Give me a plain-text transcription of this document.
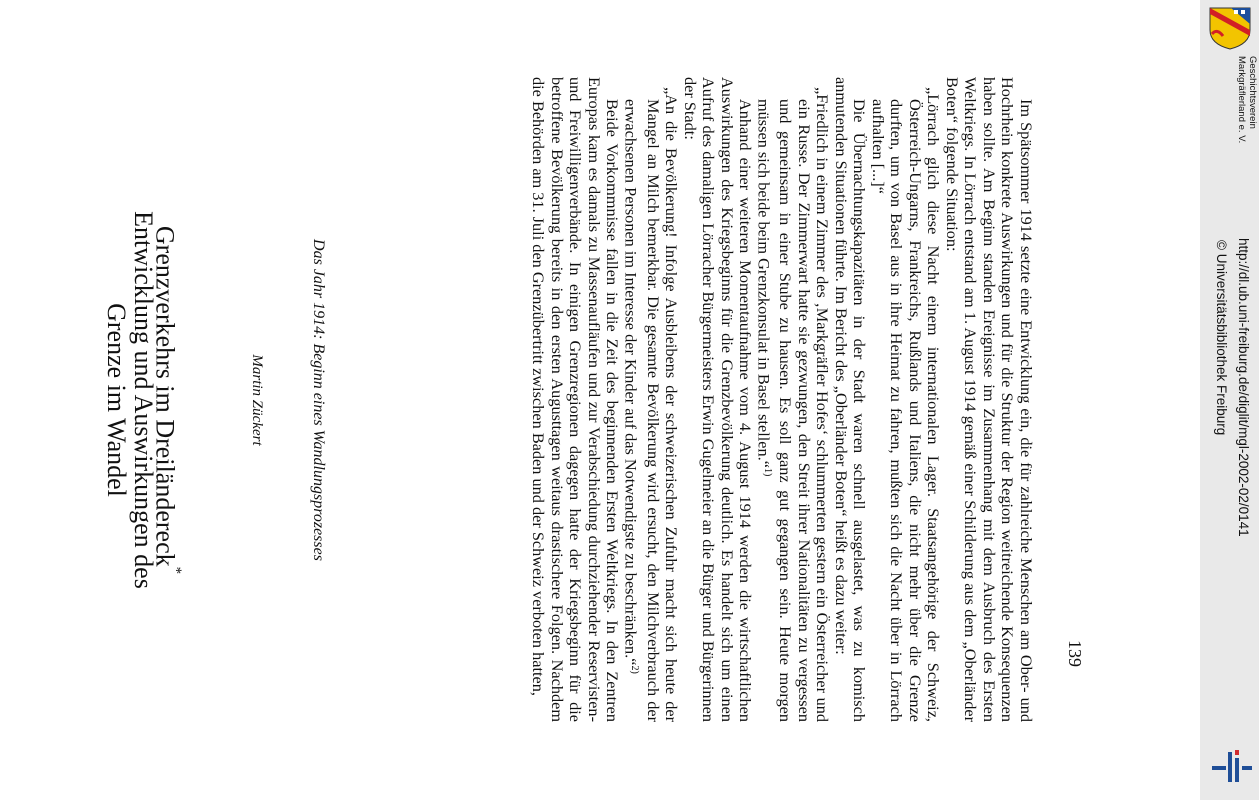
Grenze im Wandel
Entwicklung und Auswirkungen des
Grenzverkehrs im Dreiländereck*
Martin Zückert	Das Jahr 1914: Beginn eines Wandlungsprozesses	Im Spätsommer 1914 setzte eine Entwicklung ein, die für zahlreiche Menschen am Ober- und Hochrhein konkrete Auswirkungen und für die Struktur der Region weitreichende Konsequenzen haben sollte. Am Beginn standen Ereignisse im Zusammenhang mit dem Ausbruch des Ersten Weltkriegs. In Lörrach entstand am 1. August 1914 gemäß einer Schilderung aus dem „Oberländer Boten“ folgende Situation:

„Lörrach glich diese Nacht einem internationalen Lager. Staatsangehörige der Schweiz, Österreich-Ungarns, Frankreichs, Rußlands und Italiens, die nicht mehr über die Grenze durften, um von Basel aus in ihre Heimat zu fahren, mußten sich die Nacht über in Lörrach aufhalten [...]“

Die Übernachtungskapazitäten in der Stadt waren schnell ausgelastet, was zu komisch anmutenden Situationen führte. Im Bericht des „Oberländer Boten“ heißt es dazu weiter:

„Friedlich in einem Zimmer des ‚Markgräfler Hofes‘ schlummerten gestern ein Österreicher und ein Russe. Der Zimmerwart hatte sie gezwungen, den Streit ihrer Nationalitäten zu vergessen und gemeinsam in einer Stube zu hausen. Es soll ganz gut gegangen sein. Heute morgen müssen sich beide beim Grenzkonsulat in Basel stellen.“$^{1)}$

Anhand einer weiteren Momentaufnahme vom 4. August 1914 werden die wirtschaftlichen Auswirkungen des Kriegsbeginns für die Grenzbevölkerung deutlich. Es handelt sich um einen Aufruf des damaligen Lörracher Bürgermeisters Erwin Gugelmeier an die Bürger und Bürgerinnen der Stadt:

„An die Bevölkerung! Infolge Ausbleibens der schweizerischen Zufuhr macht sich heute der Mangel an Milch bemerkbar. Die gesamte Bevölkerung wird ersucht, den Milchverbrauch der erwachsenen Personen im Interesse der Kinder auf das Notwendigste zu beschränken.“$^{2)}$

Beide Vorkommnisse fallen in die Zeit des beginnenden Ersten Weltkriegs. In den Zentren Europas kam es damals zu Massenaufläufen und zur Verabschiedung durchziehender Reservisten- und Freiwilligenverbände. In einigen Grenzregionen dagegen hatte der Kriegsbeginn für die betroffene Bevölkerung bereits in den ersten Augusttagen weitaus drastischere Folgen. Nachdem die Behörden am 31. Juli den Grenzübertritt zwischen Baden und der Schweiz verboten hatten,	139
Geschichtsverein
Markgräflerland e. V.
http://dl.ub.uni-freiburg.de/diglit/mgl-2002-02/0141
© Universitätsbibliothek Freiburg
